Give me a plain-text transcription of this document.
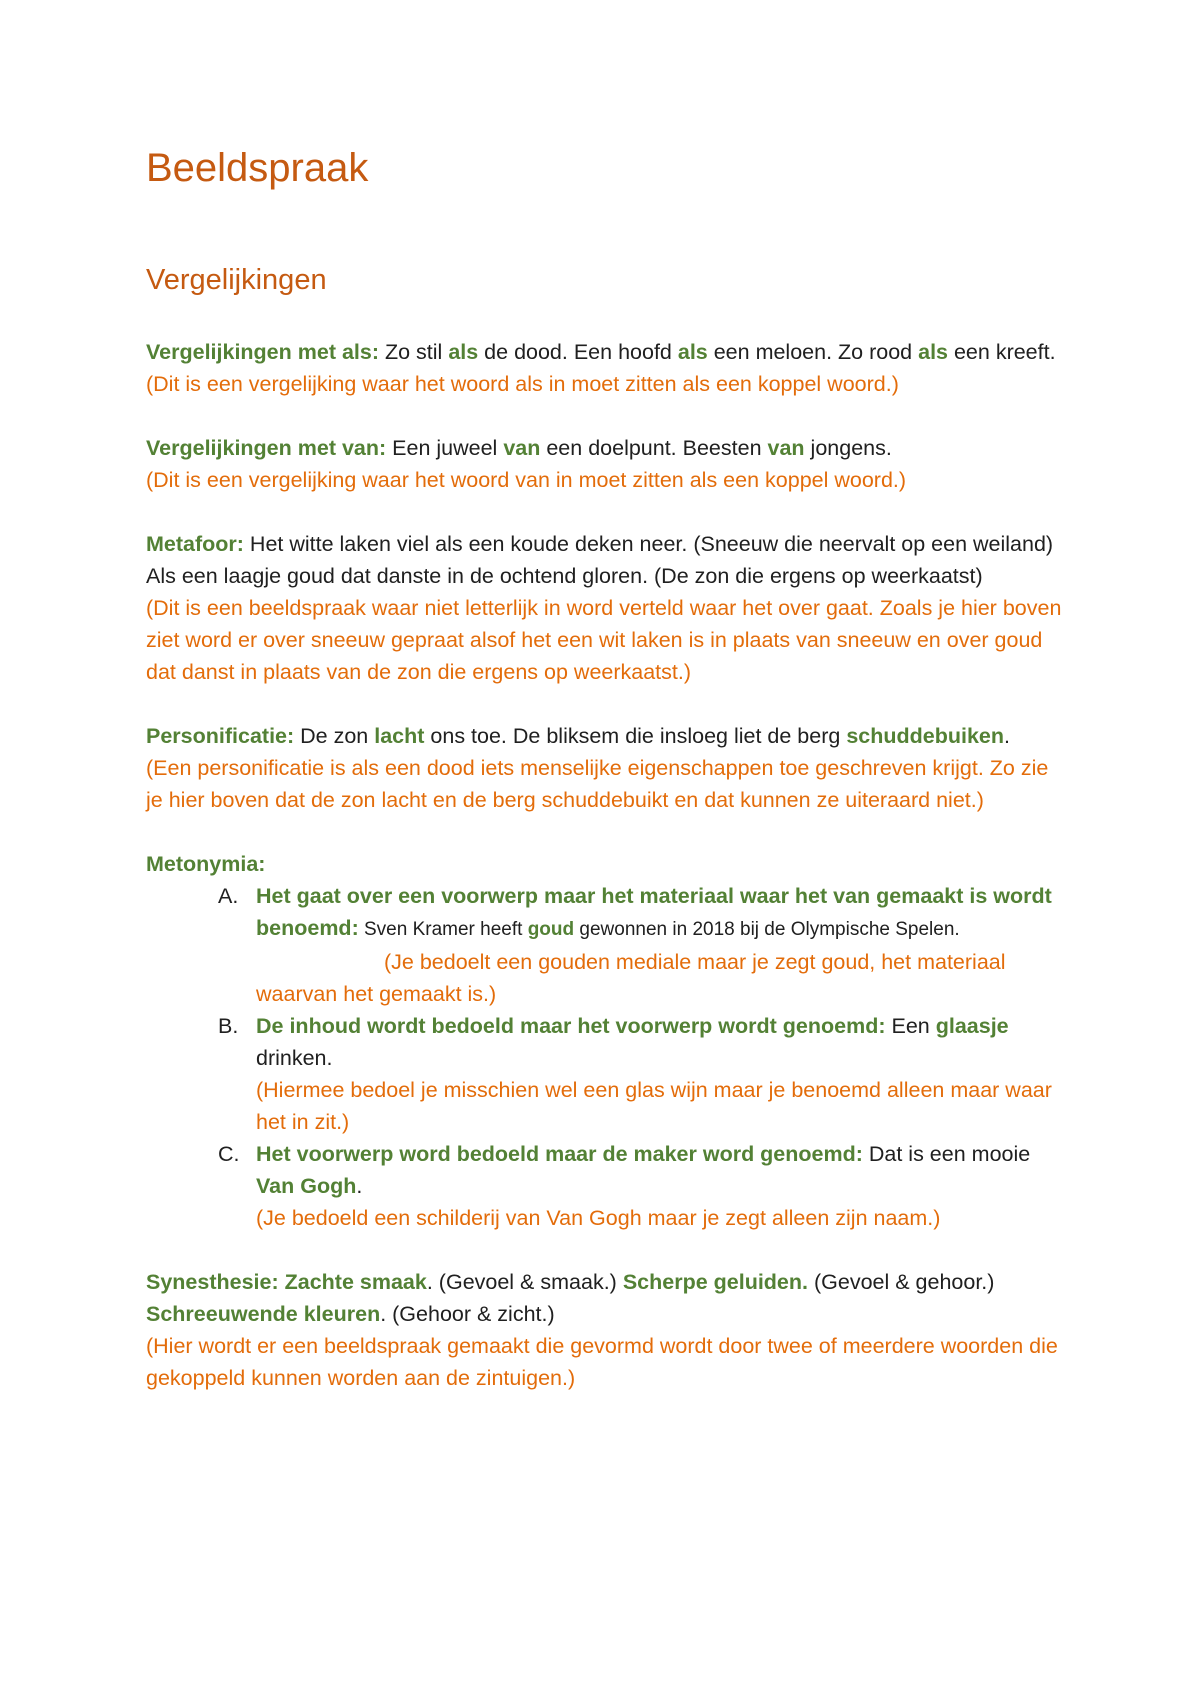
Beeldspraak
Vergelijkingen

Vergelijkingen met als: Zo stil als de dood. Een hoofd als een meloen. Zo rood als een kreeft.

(Dit is een vergelijking waar het woord als in moet zitten als een koppel woord.)

Vergelijkingen met van: Een juweel van een doelpunt. Beesten van jongens.

(Dit is een vergelijking waar het woord van in moet zitten als een koppel woord.)

Metafoor: Het witte laken viel als een koude deken neer. (Sneeuw die neervalt op een weiland) Als een laagje goud dat danste in de ochtend gloren. (De zon die ergens op weerkaatst)

(Dit is een beeldspraak waar niet letterlijk in word verteld waar het over gaat. Zoals je hier boven ziet word er over sneeuw gepraat alsof het een wit laken is in plaats van sneeuw en over goud dat danst in plaats van de zon die ergens op weerkaatst.)

Personificatie: De zon lacht ons toe. De bliksem die insloeg liet de berg schuddebuiken.

(Een personificatie is als een dood iets menselijke eigenschappen toe geschreven krijgt. Zo zie je hier boven dat de zon lacht en de berg schuddebuikt en dat kunnen ze uiteraard niet.)

Metonymia:

A. Het gaat over een voorwerp maar het materiaal waar het van gemaakt is wordt benoemd: Sven Kramer heeft goud gewonnen in 2018 bij de Olympische Spelen.(Je bedoelt een gouden mediale maar je zegt goud, het materiaal waarvan het gemaakt is.)
B. De inhoud wordt bedoeld maar het voorwerp wordt genoemd: Een glaasje drinken.
(Hiermee bedoel je misschien wel een glas wijn maar je benoemd alleen maar waar het in zit.)
C. Het voorwerp word bedoeld maar de maker word genoemd: Dat is een mooie Van Gogh.
(Je bedoeld een schilderij van Van Gogh maar je zegt alleen zijn naam.)

Synesthesie: Zachte smaak. (Gevoel & smaak.) Scherpe geluiden. (Gevoel & gehoor.) Schreeuwende kleuren. (Gehoor & zicht.)

(Hier wordt er een beeldspraak gemaakt die gevormd wordt door twee of meerdere woorden die gekoppeld kunnen worden aan de zintuigen.)
